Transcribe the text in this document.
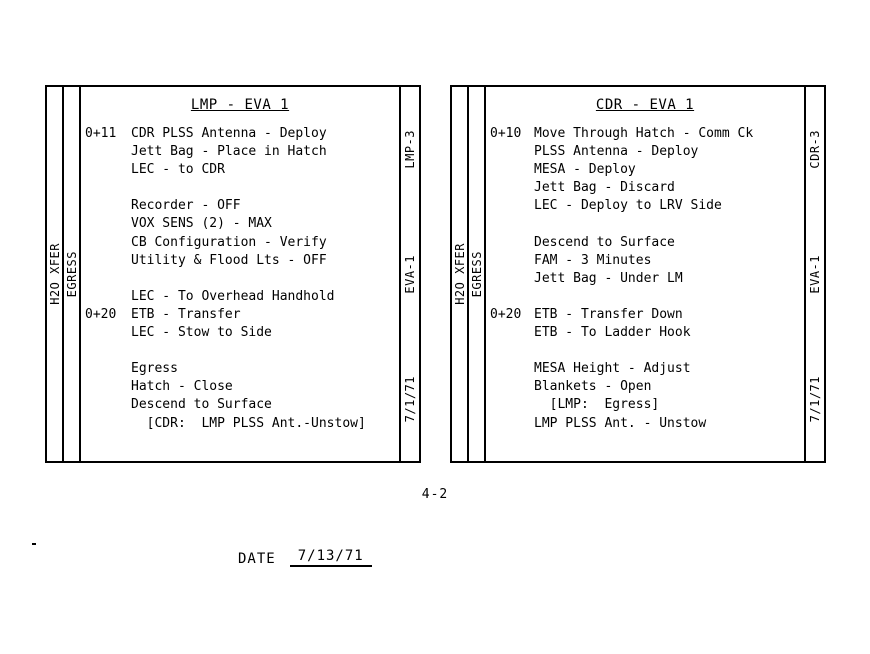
H2O XFER EGRESS
LMP - EVA 1
0+11	CDR PLSS Antenna - Deploy
Jett Bag - Place in Hatch
LEC - to CDR
Recorder - OFF
VOX SENS (2) - MAX
CB Configuration - Verify
Utility & Flood Lts - OFF
LEC - To Overhead Handhold
0+20	ETB - Transfer
LEC - Stow to Side
Egress
Hatch - Close
Descend to Surface
[CDR:  LMP PLSS Ant.-Unstow]
LMP-3
EVA-1
7/1/71
H2O XFER EGRESS
CDR - EVA 1
0+10 Move Through Hatch - Comm Ck
PLSS Antenna - Deploy
MESA - Deploy
Jett Bag - Discard
LEC - Deploy to LRV Side
Descend to Surface
FAM - 3 Minutes
Jett Bag - Under LM
0+20 ETB - Transfer Down
ETB - To Ladder Hook
MESA Height - Adjust
Blankets - Open
[LMP:  Egress]
LMP PLSS Ant. - Unstow
CDR-3
EVA-1
7/1/71
4-2
DATE	7/13/71
